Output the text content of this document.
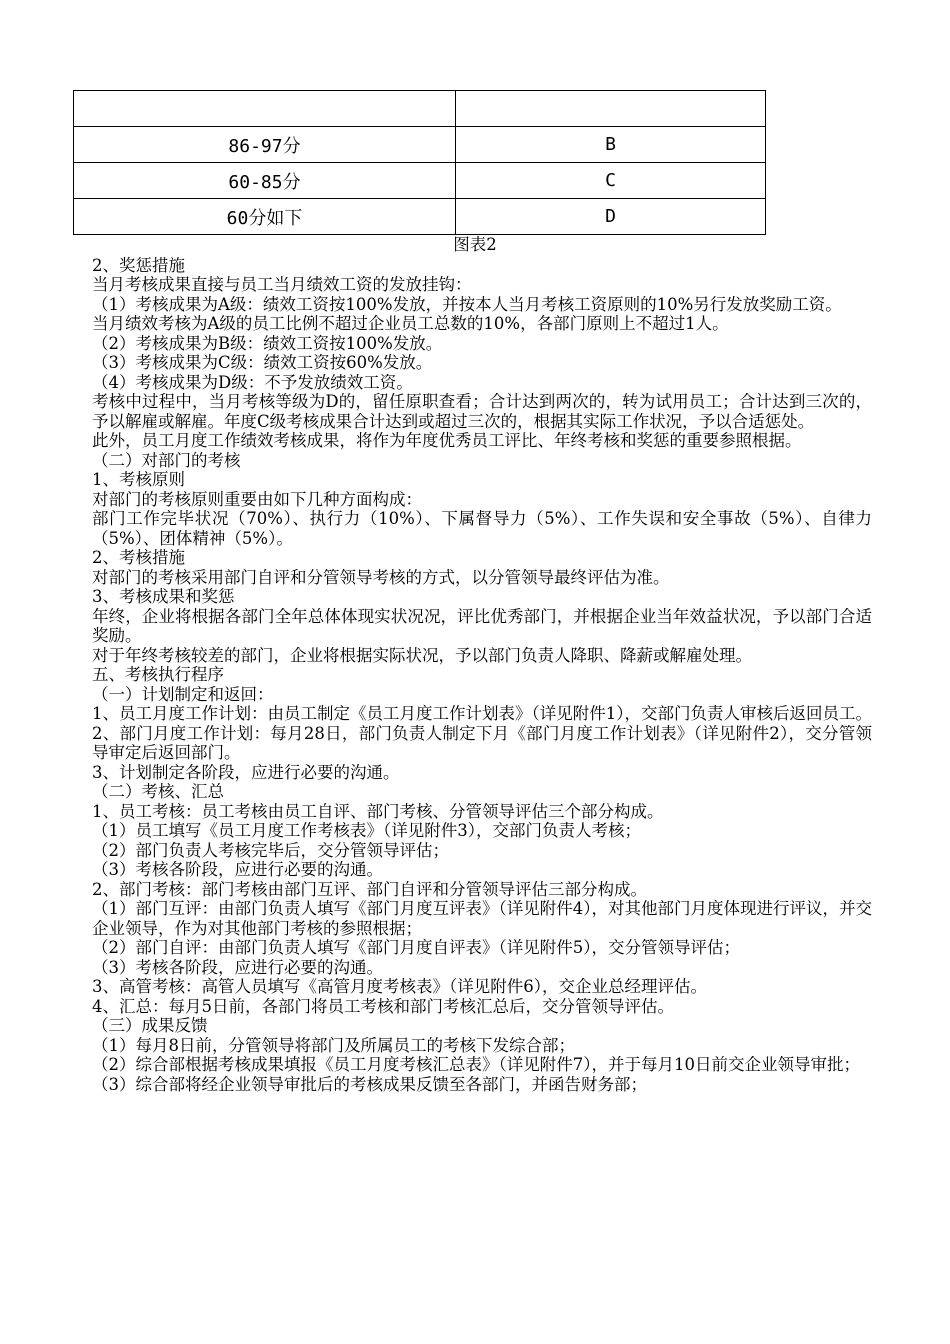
86-97分	B
60-85分	C
60分如下	D
图表2

2、奖惩措施

当月考核成果直接与员工当月绩效工资的发放挂钩：

（1）考核成果为A级：绩效工资按100%发放，并按本人当月考核工资原则的10%另行发放奖励工资。

当月绩效考核为A级的员工比例不超过企业员工总数的10%，各部门原则上不超过1人。

（2）考核成果为B级：绩效工资按100%发放。

（3）考核成果为C级：绩效工资按60%发放。

（4）考核成果为D级：不予发放绩效工资。

考核中过程中，当月考核等级为D的，留任原职查看；合计达到两次的，转为试用员工；合计达到三次的，予以解雇或解雇。年度C级考核成果合计达到或超过三次的，根据其实际工作状况，予以合适惩处。

此外，员工月度工作绩效考核成果，将作为年度优秀员工评比、年终考核和奖惩的重要参照根据。

（二）对部门的考核

1、考核原则

对部门的考核原则重要由如下几种方面构成：

部门工作完毕状况（70%）、执行力（10%）、下属督导力（5%）、工作失误和安全事故（5%）、自律力（5%）、团体精神（5%）。

2、考核措施

对部门的考核采用部门自评和分管领导考核的方式，以分管领导最终评估为准。

3、考核成果和奖惩

年终，企业将根据各部门全年总体体现实状况况，评比优秀部门，并根据企业当年效益状况，予以部门合适奖励。

对于年终考核较差的部门，企业将根据实际状况，予以部门负责人降职、降薪或解雇处理。

五、考核执行程序

（一）计划制定和返回：

1、员工月度工作计划：由员工制定《员工月度工作计划表》（详见附件1），交部门负责人审核后返回员工。

2、部门月度工作计划：每月28日，部门负责人制定下月《部门月度工作计划表》（详见附件2），交分管领导审定后返回部门。

3、计划制定各阶段，应进行必要的沟通。

（二）考核、汇总

1、员工考核：员工考核由员工自评、部门考核、分管领导评估三个部分构成。

（1）员工填写《员工月度工作考核表》（详见附件3），交部门负责人考核；

（2）部门负责人考核完毕后，交分管领导评估；

（3）考核各阶段，应进行必要的沟通。

2、部门考核：部门考核由部门互评、部门自评和分管领导评估三部分构成。

（1）部门互评：由部门负责人填写《部门月度互评表》（详见附件4），对其他部门月度体现进行评议，并交企业领导，作为对其他部门考核的参照根据；

（2）部门自评：由部门负责人填写《部门月度自评表》（详见附件5），交分管领导评估；

（3）考核各阶段，应进行必要的沟通。

3、高管考核：高管人员填写《高管月度考核表》（详见附件6），交企业总经理评估。

4、汇总：每月5日前，各部门将员工考核和部门考核汇总后，交分管领导评估。

（三）成果反馈

（1）每月8日前，分管领导将部门及所属员工的考核下发综合部；

（2）综合部根据考核成果填报《员工月度考核汇总表》（详见附件7），并于每月10日前交企业领导审批；

（3）综合部将经企业领导审批后的考核成果反馈至各部门，并函告财务部；
